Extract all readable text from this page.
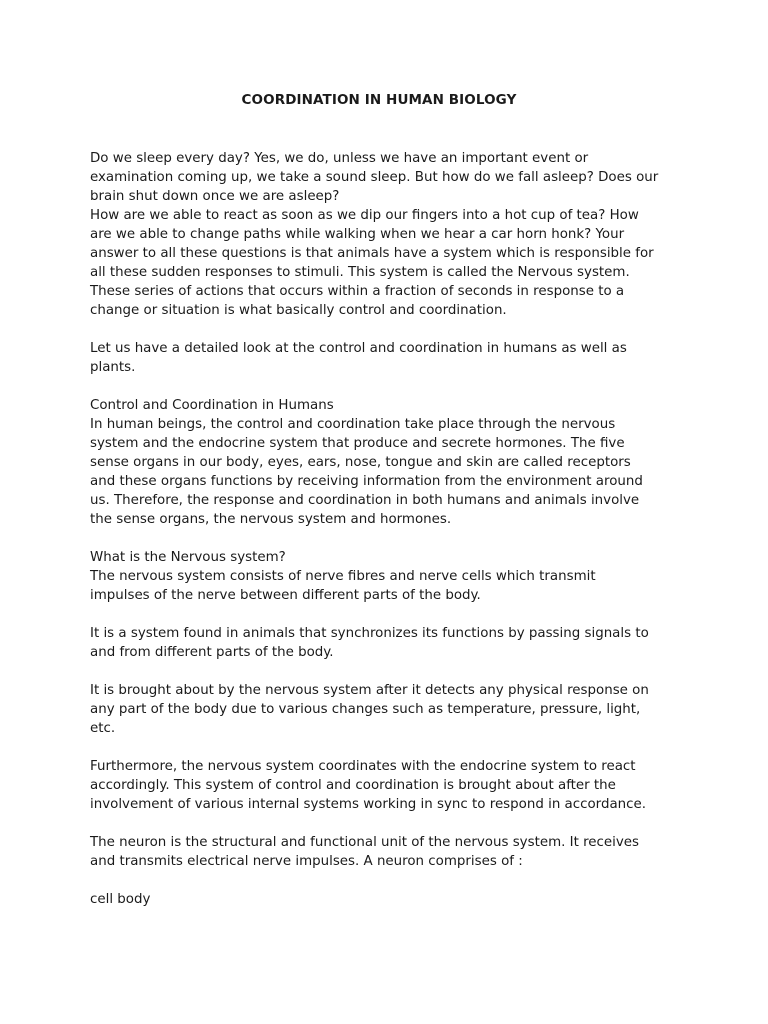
COORDINATION IN HUMAN BIOLOGY

Do we sleep every day? Yes, we do, unless we have an important event or
examination coming up, we take a sound sleep. But how do we fall asleep? Does our
brain shut down once we are asleep?
How are we able to react as soon as we dip our fingers into a hot cup of tea? How
are we able to change paths while walking when we hear a car horn honk? Your
answer to all these questions is that animals have a system which is responsible for
all these sudden responses to stimuli. This system is called the Nervous system.
These series of actions that occurs within a fraction of seconds in response to a
change or situation is what basically control and coordination.

Let us have a detailed look at the control and coordination in humans as well as
plants.

Control and Coordination in Humans
In human beings, the control and coordination take place through the nervous
system and the endocrine system that produce and secrete hormones. The five
sense organs in our body, eyes, ears, nose, tongue and skin are called receptors
and these organs functions by receiving information from the environment around
us. Therefore, the response and coordination in both humans and animals involve
the sense organs, the nervous system and hormones.

What is the Nervous system?
The nervous system consists of nerve fibres and nerve cells which transmit
impulses of the nerve between different parts of the body.

It is a system found in animals that synchronizes its functions by passing signals to
and from different parts of the body.

It is brought about by the nervous system after it detects any physical response on
any part of the body due to various changes such as temperature, pressure, light,
etc.

Furthermore, the nervous system coordinates with the endocrine system to react
accordingly. This system of control and coordination is brought about after the
involvement of various internal systems working in sync to respond in accordance.

The neuron is the structural and functional unit of the nervous system. It receives
and transmits electrical nerve impulses. A neuron comprises of :

cell body
